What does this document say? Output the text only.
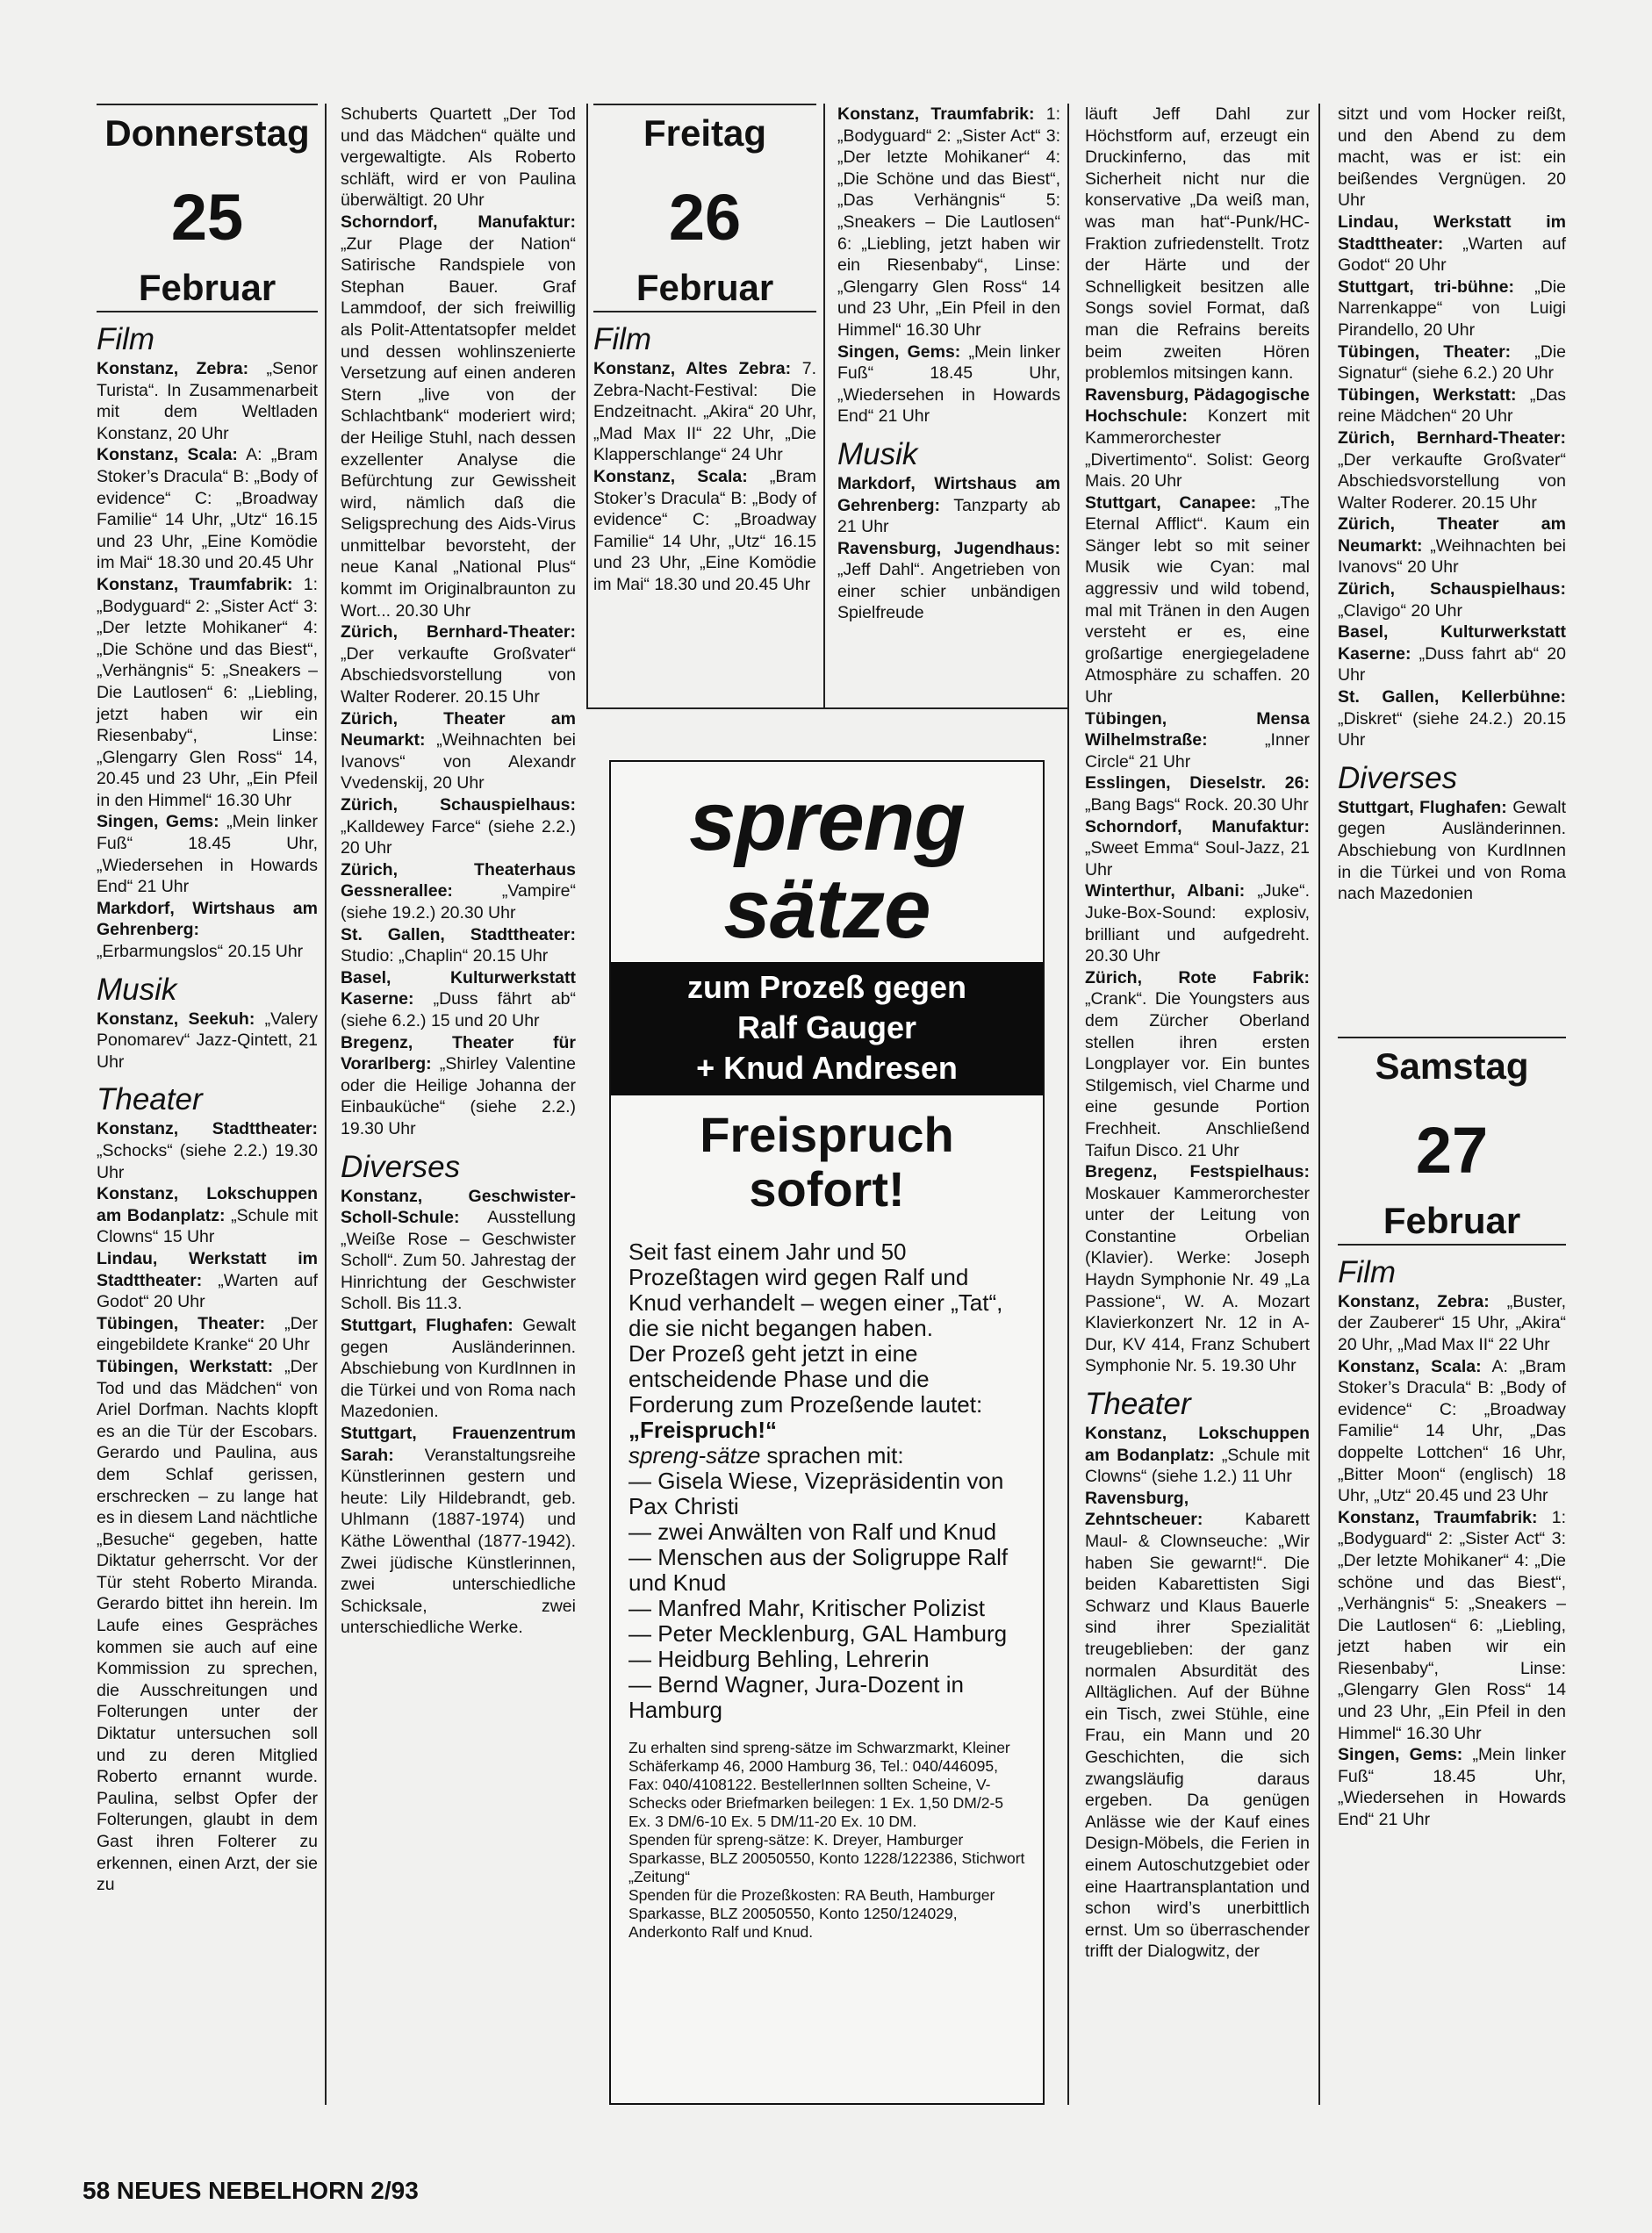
Donnerstag
25
Februar
Film

Konstanz, Zebra: „Senor Turista“. In Zusammenarbeit mit dem Weltladen Konstanz, 20 Uhr

Konstanz, Scala: A: „Bram Stoker’s Dracula“ B: „Body of evidence“ C: „Broadway Familie“ 14 Uhr, „Utz“ 16.15 und 23 Uhr, „Eine Komödie im Mai“ 18.30 und 20.45 Uhr

Konstanz, Traumfabrik: 1: „Bodyguard“ 2: „Sister Act“ 3: „Der letzte Mohikaner“ 4: „Die Schöne und das Biest“, „Verhängnis“ 5: „Sneakers – Die Lautlosen“ 6: „Liebling, jetzt haben wir ein Riesenbaby“, Linse: „Glengarry Glen Ross“ 14, 20.45 und 23 Uhr, „Ein Pfeil in den Himmel“ 16.30 Uhr

Singen, Gems: „Mein linker Fuß“ 18.45 Uhr, „Wiedersehen in Howards End“ 21 Uhr

Markdorf, Wirtshaus am Gehrenberg: „Erbarmungslos“ 20.15 Uhr

Musik

Konstanz, Seekuh: „Valery Ponomarev“ Jazz-Qintett, 21 Uhr

Theater

Konstanz, Stadttheater: „Schocks“ (siehe 2.2.) 19.30 Uhr

Konstanz, Lokschuppen am Bodanplatz: „Schule mit Clowns“ 15 Uhr

Lindau, Werkstatt im Stadttheater: „Warten auf Godot“ 20 Uhr

Tübingen, Theater: „Der eingebildete Kranke“ 20 Uhr

Tübingen, Werkstatt: „Der Tod und das Mädchen“ von Ariel Dorfman. Nachts klopft es an die Tür der Escobars. Gerardo und Paulina, aus dem Schlaf gerissen, erschrecken – zu lange hat es in diesem Land nächtliche „Besuche“ gegeben, hatte Diktatur geherrscht. Vor der Tür steht Roberto Miranda. Gerardo bittet ihn herein. Im Laufe eines Gespräches kommen sie auch auf eine Kommission zu sprechen, die Ausschreitungen und Folterungen unter der Diktatur untersuchen soll und zu deren Mitglied Roberto ernannt wurde. Paulina, selbst Opfer der Folterungen, glaubt in dem Gast ihren Folterer zu erkennen, einen Arzt, der sie zu

Schuberts Quartett „Der Tod und das Mädchen“ quälte und vergewaltigte. Als Roberto schläft, wird er von Paulina überwältigt. 20 Uhr

Schorndorf, Manufaktur: „Zur Plage der Nation“ Satirische Randspiele von Stephan Bauer. Graf Lammdoof, der sich freiwillig als Polit-Attentatsopfer meldet und dessen wohlinszenierte Versetzung auf einen anderen Stern „live von der Schlachtbank“ moderiert wird; der Heilige Stuhl, nach dessen exzellenter Analyse die Befürchtung zur Gewissheit wird, nämlich daß die Seligsprechung des Aids-Virus unmittelbar bevorsteht, der neue Kanal „National Plus“ kommt im Originalbraunton zu Wort... 20.30 Uhr

Zürich, Bernhard-Theater: „Der verkaufte Großvater“ Abschiedsvorstellung von Walter Roderer. 20.15 Uhr

Zürich, Theater am Neumarkt: „Weihnachten bei Ivanovs“ von Alexandr Vvedenskij, 20 Uhr

Zürich, Schauspielhaus: „Kalldewey Farce“ (siehe 2.2.) 20 Uhr

Zürich, Theaterhaus Gessnerallee: „Vampire“ (siehe 19.2.) 20.30 Uhr

St. Gallen, Stadttheater: Studio: „Chaplin“ 20.15 Uhr

Basel, Kulturwerkstatt Kaserne: „Duss fährt ab“ (siehe 6.2.) 15 und 20 Uhr

Bregenz, Theater für Vorarlberg: „Shirley Valentine oder die Heilige Johanna der Einbauküche“ (siehe 2.2.) 19.30 Uhr

Diverses

Konstanz, Geschwister-Scholl-Schule: Ausstellung „Weiße Rose – Geschwister Scholl“. Zum 50. Jahrestag der Hinrichtung der Geschwister Scholl. Bis 11.3.

Stuttgart, Flughafen: Gewalt gegen Ausländerinnen. Abschiebung von KurdInnen in die Türkei und von Roma nach Mazedonien.

Stuttgart, Frauenzentrum Sarah: Veranstaltungsreihe Künstlerinnen gestern und heute: Lily Hildebrandt, geb. Uhlmann (1887-1974) und Käthe Löwenthal (1877-1942). Zwei jüdische Künstlerinnen, zwei unterschiedliche Schicksale, zwei unterschiedliche Werke.

Freitag
26
Februar
Film

Konstanz, Altes Zebra: 7. Zebra-Nacht-Festival: Die Endzeitnacht. „Akira“ 20 Uhr, „Mad Max II“ 22 Uhr, „Die Klapperschlange“ 24 Uhr

Konstanz, Scala: „Bram Stoker’s Dracula“ B: „Body of evidence“ C: „Broadway Familie“ 14 Uhr, „Utz“ 16.15 und 23 Uhr, „Eine Komödie im Mai“ 18.30 und 20.45 Uhr

Konstanz, Traumfabrik: 1: „Bodyguard“ 2: „Sister Act“ 3: „Der letzte Mohikaner“ 4: „Die Schöne und das Biest“, „Das Verhängnis“ 5: „Sneakers – Die Lautlosen“ 6: „Liebling, jetzt haben wir ein Riesenbaby“, Linse: „Glengarry Glen Ross“ 14 und 23 Uhr, „Ein Pfeil in den Himmel“ 16.30 Uhr

Singen, Gems: „Mein linker Fuß“ 18.45 Uhr, „Wiedersehen in Howards End“ 21 Uhr

Musik

Markdorf, Wirtshaus am Gehrenberg: Tanzparty ab 21 Uhr

Ravensburg, Jugendhaus: „Jeff Dahl“. Angetrieben von einer schier unbändigen Spielfreude

läuft Jeff Dahl zur Höchstform auf, erzeugt ein Druckinferno, das mit Sicherheit nicht nur die konservative „Da weiß man, was man hat“-Punk/HC-Fraktion zufriedenstellt. Trotz der Härte und der Schnelligkeit besitzen alle Songs soviel Format, daß man die Refrains bereits beim zweiten Hören problemlos mitsingen kann.

Ravensburg, Pädagogische Hochschule: Konzert mit Kammerorchester „Divertimento“. Solist: Georg Mais. 20 Uhr

Stuttgart, Canapee: „The Eternal Afflict“. Kaum ein Sänger lebt so mit seiner Musik wie Cyan: mal aggressiv und wild tobend, mal mit Tränen in den Augen versteht er es, eine großartige energiegeladene Atmosphäre zu schaffen. 20 Uhr

Tübingen, Mensa Wilhelmstraße: „Inner Circle“ 21 Uhr

Esslingen, Dieselstr. 26: „Bang Bags“ Rock. 20.30 Uhr

Schorndorf, Manufaktur: „Sweet Emma“ Soul-Jazz, 21 Uhr

Winterthur, Albani: „Juke“. Juke-Box-Sound: explosiv, brilliant und aufgedreht. 20.30 Uhr

Zürich, Rote Fabrik: „Crank“. Die Youngsters aus dem Zürcher Oberland stellen ihren ersten Longplayer vor. Ein buntes Stilgemisch, viel Charme und eine gesunde Portion Frechheit. Anschließend Taifun Disco. 21 Uhr

Bregenz, Festspielhaus: Moskauer Kammerorchester unter der Leitung von Constantine Orbelian (Klavier). Werke: Joseph Haydn Symphonie Nr. 49 „La Passione“, W. A. Mozart Klavierkonzert Nr. 12 in A-Dur, KV 414, Franz Schubert Symphonie Nr. 5. 19.30 Uhr

Theater

Konstanz, Lokschuppen am Bodanplatz: „Schule mit Clowns“ (siehe 1.2.) 11 Uhr

Ravensburg, Zehntscheuer: Kabarett Maul- & Clownseuche: „Wir haben Sie gewarnt!“. Die beiden Kabarettisten Sigi Schwarz und Klaus Bauerle sind ihrer Spezialität treugeblieben: der ganz normalen Absurdität des Alltäglichen. Auf der Bühne ein Tisch, zwei Stühle, eine Frau, ein Mann und 20 Geschichten, die sich zwangsläufig daraus ergeben. Da genügen Anlässe wie der Kauf eines Design-Möbels, die Ferien in einem Autoschutzgebiet oder eine Haartransplantation und schon wird’s unerbittlich ernst. Um so überraschender trifft der Dialogwitz, der

sitzt und vom Hocker reißt, und den Abend zu dem macht, was er ist: ein beißendes Vergnügen. 20 Uhr

Lindau, Werkstatt im Stadttheater: „Warten auf Godot“ 20 Uhr

Stuttgart, tri-bühne: „Die Narrenkappe“ von Luigi Pirandello, 20 Uhr

Tübingen, Theater: „Die Signatur“ (siehe 6.2.) 20 Uhr

Tübingen, Werkstatt: „Das reine Mädchen“ 20 Uhr

Zürich, Bernhard-Theater: „Der verkaufte Großvater“ Abschiedsvorstellung von Walter Roderer. 20.15 Uhr

Zürich, Theater am Neumarkt: „Weihnachten bei Ivanovs“ 20 Uhr

Zürich, Schauspielhaus: „Clavigo“ 20 Uhr

Basel, Kulturwerkstatt Kaserne: „Duss fahrt ab“ 20 Uhr

St. Gallen, Kellerbühne: „Diskret“ (siehe 24.2.) 20.15 Uhr

Diverses

Stuttgart, Flughafen: Gewalt gegen Ausländerinnen. Abschiebung von KurdInnen in die Türkei und von Roma nach Mazedonien

Samstag
27
Februar
Film

Konstanz, Zebra: „Buster, der Zauberer“ 15 Uhr, „Akira“ 20 Uhr, „Mad Max II“ 22 Uhr

Konstanz, Scala: A: „Bram Stoker’s Dracula“ B: „Body of evidence“ C: „Broadway Familie“ 14 Uhr, „Das doppelte Lottchen“ 16 Uhr, „Bitter Moon“ (englisch) 18 Uhr, „Utz“ 20.45 und 23 Uhr

Konstanz, Traumfabrik: 1: „Bodyguard“ 2: „Sister Act“ 3: „Der letzte Mohikaner“ 4: „Die schöne und das Biest“, „Verhängnis“ 5: „Sneakers – Die Lautlosen“ 6: „Liebling, jetzt haben wir ein Riesenbaby“, Linse: „Glengarry Glen Ross“ 14 und 23 Uhr, „Ein Pfeil in den Himmel“ 16.30 Uhr

Singen, Gems: „Mein linker Fuß“ 18.45 Uhr, „Wiedersehen in Howards End“ 21 Uhr

spreng
sätze
zum Prozeß gegen
Ralf Gauger
+ Knud Andresen
Freispruch
sofort!

Seit fast einem Jahr und 50 Prozeßtagen wird gegen Ralf und Knud verhandelt – wegen einer „Tat“, die sie nicht begangen haben.

Der Prozeß geht jetzt in eine entscheidende Phase und die Forderung zum Prozeßende lautet:

„Freispruch!“

spreng-sätze sprachen mit:

— Gisela Wiese, Vizepräsidentin von Pax Christi

— zwei Anwälten von Ralf und Knud

— Menschen aus der Soligruppe Ralf und Knud

— Manfred Mahr, Kritischer Polizist

— Peter Mecklenburg, GAL Hamburg

— Heidburg Behling, Lehrerin

— Bernd Wagner, Jura-Dozent in Hamburg

Zu erhalten sind spreng-sätze im Schwarzmarkt, Kleiner Schäferkamp 46, 2000 Hamburg 36, Tel.: 040/446095, Fax: 040/4108122. BestellerInnen sollten Scheine, V-Schecks oder Briefmarken beilegen: 1 Ex. 1,50 DM/2-5 Ex. 3 DM/6-10 Ex. 5 DM/11-20 Ex. 10 DM.

Spenden für spreng-sätze: K. Dreyer, Hamburger Sparkasse, BLZ 20050550, Konto 1228/122386, Stichwort „Zeitung“

Spenden für die Prozeßkosten: RA Beuth, Hamburger Sparkasse, BLZ 20050550, Konto 1250/124029, Anderkonto Ralf und Knud.

58 NEUES NEBELHORN 2/93
